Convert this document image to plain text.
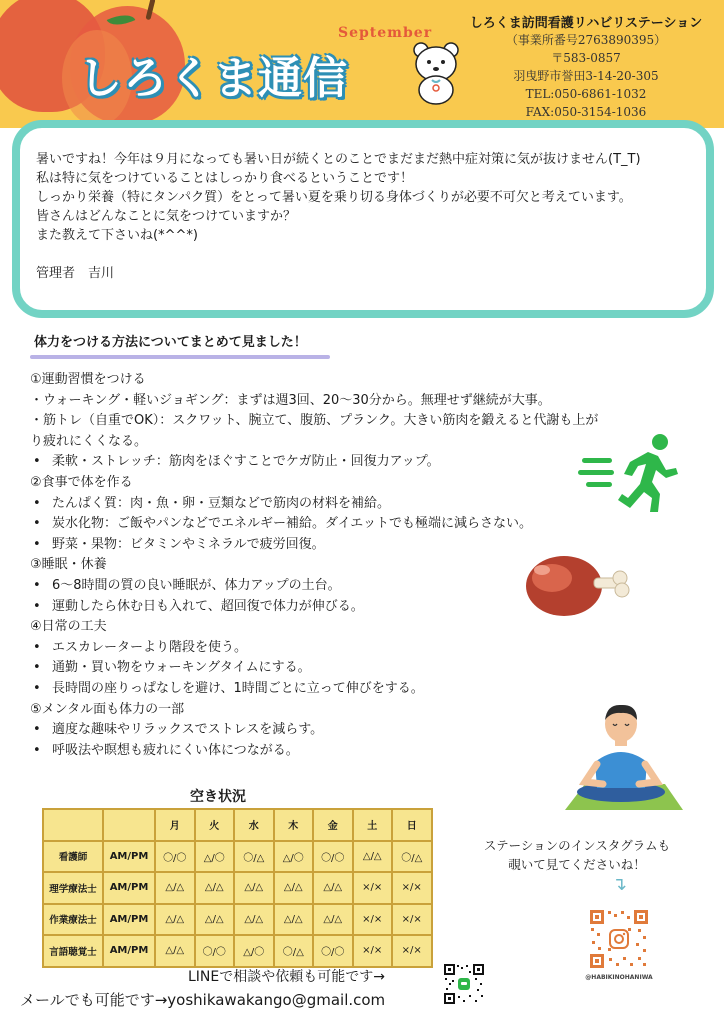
しろくま通信
September
しろくま訪問看護リハビリステーション
（事業所番号2763890395）
〒583-0857
羽曳野市誉田3-14-20-305
TEL:050-6861-1032
FAX:050-3154-1036

暑いですね！今年は９月になっても暑い日が続くとのことでまだまだ熱中症対策に気が抜けません(T_T)

私は特に気をつけていることはしっかり食べるということです！

しっかり栄養（特にタンパク質）をとって暑い夏を乗り切る身体づくりが必要不可欠と考えています。

皆さんはどんなことに気をつけていますか？

また教えて下さいね(*^^*)

管理者　吉川

体力をつける方法についてまとめて見ました！
①運動習慣をつける
・ウォーキング・軽いジョギング：まずは週3回、20〜30分から。無理せず継続が大事。
・筋トレ（自重でOK）：スクワット、腕立て、腹筋、プランク。大きい筋肉を鍛えると代謝も上が
り疲れにくくなる。
• 柔軟・ストレッチ：筋肉をほぐすことでケガ防止・回復力アップ。
②食事で体を作る
• たんぱく質：肉・魚・卵・豆類などで筋肉の材料を補給。
• 炭水化物：ご飯やパンなどでエネルギー補給。ダイエットでも極端に減らさない。
• 野菜・果物：ビタミンやミネラルで疲労回復。
③睡眠・休養
• 6〜8時間の質の良い睡眠が、体力アップの土台。
• 運動したら休む日も入れて、超回復で体力が伸びる。
④日常の工夫
• エスカレーターより階段を使う。
• 通勤・買い物をウォーキングタイムにする。
• 長時間の座りっぱなしを避け、1時間ごとに立って伸びをする。
⑤メンタル面も体力の一部
• 適度な趣味やリラックスでストレスを減らす。
• 呼吸法や瞑想も疲れにくい体につながる。
空き状況
		月	火	水	木	金	土	日
看護師	AM/PM	〇/〇	△/〇	〇/△	△/〇	〇/〇	△/△	〇/△
理学療法士	AM/PM	△/△	△/△	△/△	△/△	△/△	×/×	×/×
作業療法士	AM/PM	△/△	△/△	△/△	△/△	△/△	×/×	×/×
言語聴覚士	AM/PM	△/△	〇/〇	△/〇	〇/△	〇/〇	×/×	×/×
ステーションのインスタグラムも
覗いて見てくださいね！
↴
@HABIKINOHANIWA
LINEで相談や依頼も可能です→
メールでも可能です→yoshikawakango@gmail.com
